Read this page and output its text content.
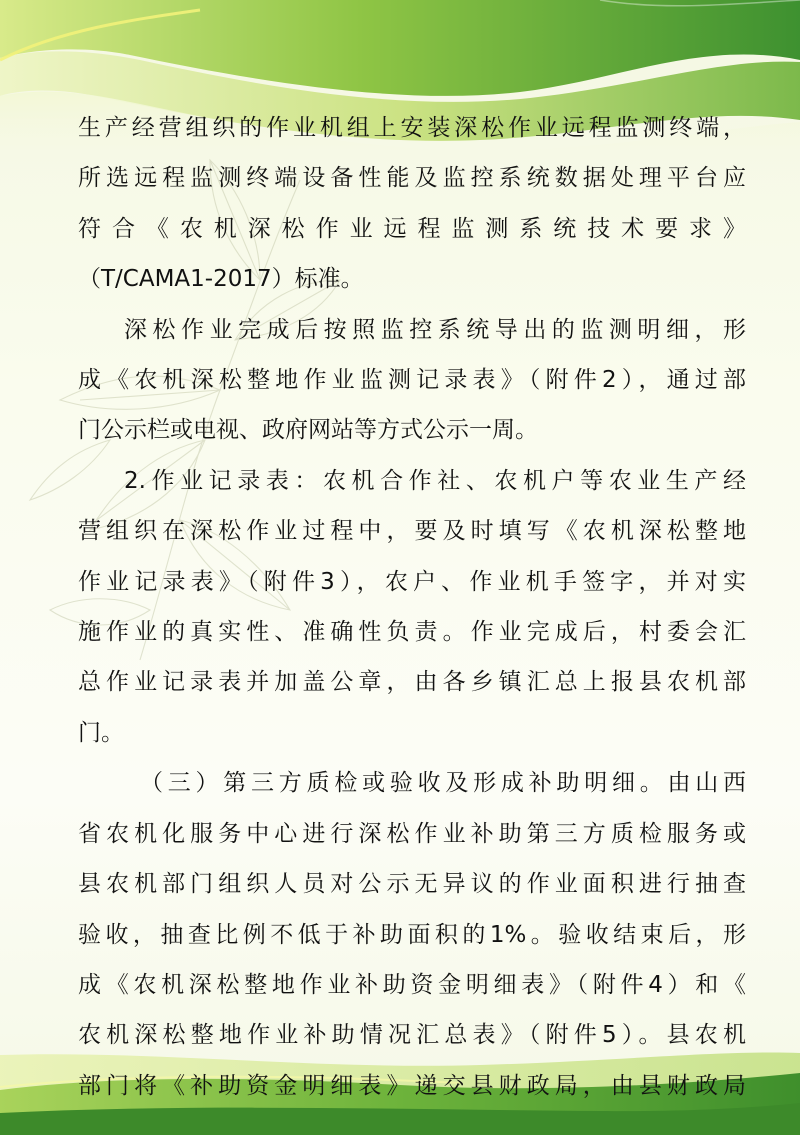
生产经营组织的作业机组上安装深松作业远程监测终端，

所选远程监测终端设备性能及监控系统数据处理平台应

符合《农机深松作业远程监测系统技术要求》

（T/CAMA1-2017）标准。

深松作业完成后按照监控系统导出的监测明细，形

成《农机深松整地作业监测记录表》（附件2），通过部

门公示栏或电视、政府网站等方式公示一周。

2.作业记录表：农机合作社、农机户等农业生产经

营组织在深松作业过程中，要及时填写《农机深松整地

作业记录表》（附件3），农户、作业机手签字，并对实

施作业的真实性、准确性负责。作业完成后，村委会汇

总作业记录表并加盖公章，由各乡镇汇总上报县农机部

门。

（三）第三方质检或验收及形成补助明细。由山西

省农机化服务中心进行深松作业补助第三方质检服务或

县农机部门组织人员对公示无异议的作业面积进行抽查

验收，抽查比例不低于补助面积的1%。验收结束后，形

成《农机深松整地作业补助资金明细表》（附件4）和《

农机深松整地作业补助情况汇总表》（附件5）。县农机

部门将《补助资金明细表》递交县财政局，由县财政局
